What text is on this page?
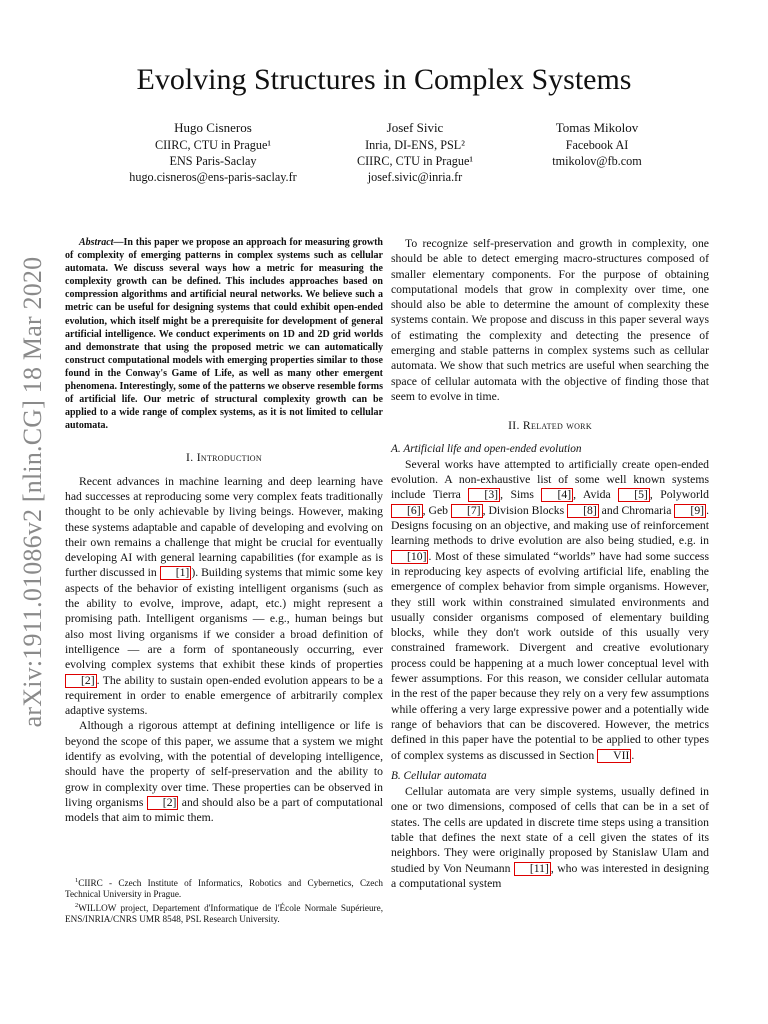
arXiv:1911.01086v2 [nlin.CG] 18 Mar 2020
Evolving Structures in Complex Systems
Hugo Cisneros
CIIRC, CTU in Prague¹
ENS Paris-Saclay
hugo.cisneros@ens-paris-saclay.fr
Josef Sivic
Inria, DI-ENS, PSL²
CIIRC, CTU in Prague¹
josef.sivic@inria.fr
Tomas Mikolov
Facebook AI
tmikolov@fb.com

Abstract—In this paper we propose an approach for measuring growth of complexity of emerging patterns in complex systems such as cellular automata. We discuss several ways how a metric for measuring the complexity growth can be defined. This includes approaches based on compression algorithms and artificial neural networks. We believe such a metric can be useful for designing systems that could exhibit open-ended evolution, which itself might be a prerequisite for development of general artificial intelligence. We conduct experiments on 1D and 2D grid worlds and demonstrate that using the proposed metric we can automatically construct computational models with emerging properties similar to those found in the Conway's Game of Life, as well as many other emergent phenomena. Interestingly, some of the patterns we observe resemble forms of artificial life. Our metric of structural complexity growth can be applied to a wide range of complex systems, as it is not limited to cellular automata.

I. Introduction

Recent advances in machine learning and deep learning have had successes at reproducing some very complex feats traditionally thought to be only achievable by living beings. However, making these systems adaptable and capable of developing and evolving on their own remains a challenge that might be crucial for eventually developing AI with general learning capabilities (for example as is further discussed in [1] ). Building systems that mimic some key aspects of the behavior of existing intelligent organisms (such as the ability to evolve, improve, adapt, etc.) might represent a promising path. Intelligent organisms — e.g., human beings but also most living organisms if we consider a broad definition of intelligence — are a form of spontaneously occurring, ever evolving complex systems that exhibit these kinds of properties [2] . The ability to sustain open-ended evolution appears to be a requirement in order to enable emergence of arbitrarily complex adaptive systems.

Although a rigorous attempt at defining intelligence or life is beyond the scope of this paper, we assume that a system we might identify as evolving, with the potential of developing intelligence, should have the property of self-preservation and the ability to grow in complexity over time. These properties can be observed in living organisms [2] and should also be a part of computational models that aim to mimic them.

$^1$CIIRC - Czech Institute of Informatics, Robotics and Cybernetics, Czech Technical University in Prague.

$^2$WILLOW project, Departement d'Informatique de l'École Normale Supérieure, ENS/INRIA/CNRS UMR 8548, PSL Research University.

To recognize self-preservation and growth in complexity, one should be able to detect emerging macro-structures composed of smaller elementary components. For the purpose of obtaining computational models that grow in complexity over time, one should also be able to determine the amount of complexity these systems contain. We propose and discuss in this paper several ways of estimating the complexity and detecting the presence of emerging and stable patterns in complex systems such as cellular automata. We show that such metrics are useful when searching the space of cellular automata with the objective of finding those that seem to evolve in time.

II. Related work

A. Artificial life and open-ended evolution

Several works have attempted to artificially create open-ended evolution. A non-exhaustive list of some well known systems include Tierra [3] , Sims [4] , Avida [5] , Polyworld [6] , Geb [7] , Division Blocks [8] and Chromaria [9] . Designs focusing on an objective, and making use of reinforcement learning methods to drive evolution are also being studied, e.g. in [10] . Most of these simulated “worlds” have had some success in reproducing key aspects of evolving artificial life, enabling the emergence of complex behavior from simple organisms. However, they still work within constrained simulated environments and usually consider organisms composed of elementary building blocks, while they don't work outside of this usually very constrained framework. Divergent and creative evolutionary process could be happening at a much lower conceptual level with fewer assumptions. For this reason, we consider cellular automata in the rest of the paper because they rely on a very few assumptions while offering a very large expressive power and a potentially wide range of behaviors that can be discovered. However, the metrics defined in this paper have the potential to be applied to other types of complex systems as discussed in Section VII .

B. Cellular automata

Cellular automata are very simple systems, usually defined in one or two dimensions, composed of cells that can be in a set of states. The cells are updated in discrete time steps using a transition table that defines the next state of a cell given the states of its neighbors. They were originally proposed by Stanislaw Ulam and studied by Von Neumann [11] , who was interested in designing a computational system
